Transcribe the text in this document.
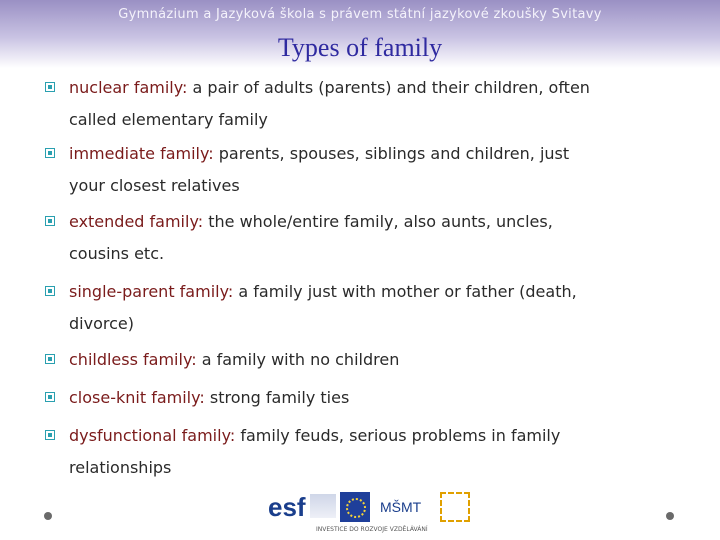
Gymnázium a Jazyková škola s právem státní jazykové zkoušky Svitavy
Types of family
nuclear family: a pair of adults (parents) and their children, often
called elementary family
immediate family: parents, spouses, siblings and children, just
your closest relatives
extended family: the whole/entire family, also aunts, uncles,
cousins etc.
single-parent family: a family just with mother or father (death,
divorce)
childless family: a family with no children
close-knit family: strong family ties
dysfunctional family: family feuds, serious problems in family
relationships
esf	MŠMT
INVESTICE DO ROZVOJE VZDĚLÁVÁNÍ
